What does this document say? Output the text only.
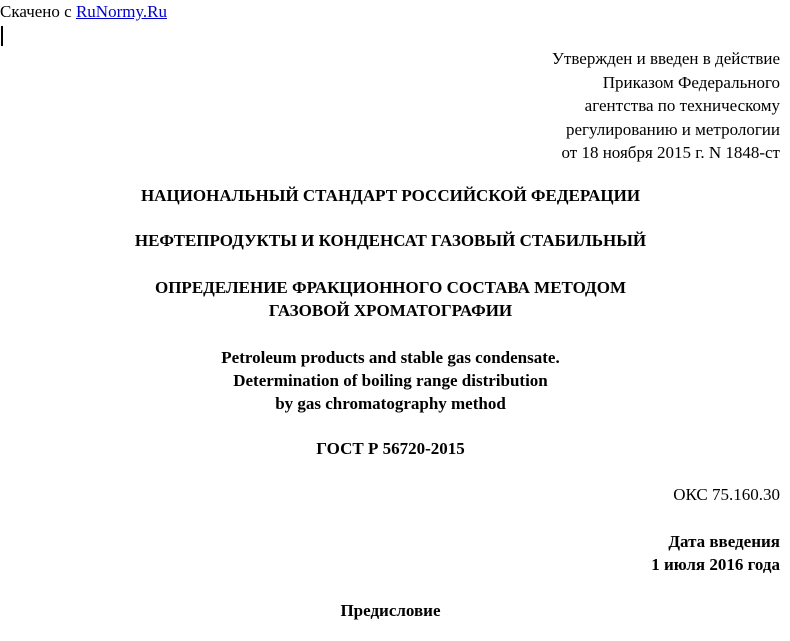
Скачено с RuNormy.Ru
Утвержден и введен в действие
Приказом Федерального
агентства по техническому
регулированию и метрологии
от 18 ноября 2015 г. N 1848-ст
НАЦИОНАЛЬНЫЙ СТАНДАРТ РОССИЙСКОЙ ФЕДЕРАЦИИ
НЕФТЕПРОДУКТЫ И КОНДЕНСАТ ГАЗОВЫЙ СТАБИЛЬНЫЙ
ОПРЕДЕЛЕНИЕ ФРАКЦИОННОГО СОСТАВА МЕТОДОМ
ГАЗОВОЙ ХРОМАТОГРАФИИ
Petroleum products and stable gas condensate.
Determination of boiling range distribution
by gas chromatography method
ГОСТ Р 56720-2015
ОКС 75.160.30
Дата введения
1 июля 2016 года
Предисловие
